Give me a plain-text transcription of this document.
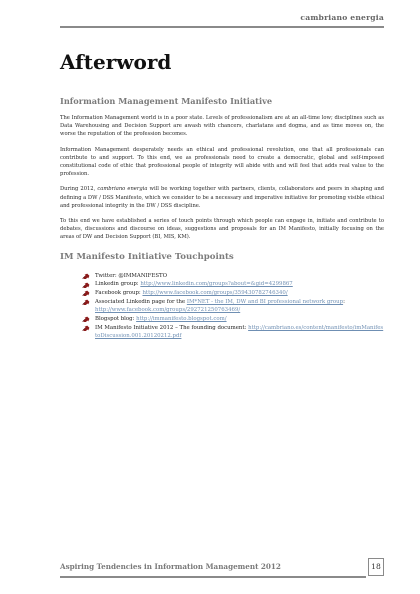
cambriano energia
Afterword
Information Management Manifesto Initiative

The Information Management world is in a poor state. Levels of professionalism are at an all-time low; disciplines such as Data Warehousing and Decision Support are awash with chancers, charlatans and dogma, and as time moves on, the worse the reputation of the profession becomes.

Information Management desperately needs an ethical and professional revolution, one that all professionals can contribute to and support. To this end, we as professionals need to create a democratic, global and self-imposed constitutional code of ethic that professional people of integrity will abide with and will feel that adds real value to the profession.

During 2012, cambriano energia will be working together with partners, clients, collaborators and peers in shaping and defining a DW / DSS Manifesto, which we consider to be a necessary and imperative initiative for promoting visible ethical and professional integrity in the DW / DSS discipline.

To this end we have established a series of touch points through which people can engage in, initiate and contribute to debates, discussions and discourse on ideas, suggestions and proposals for an IM Manifesto, initially focusing on the areas of DW and Decision Support (BI, MIS, KM).

IM Manifesto Initiative Touchpoints
Twitter: @IMMANIFESTO
Linkedin group: http://www.linkedin.com/groups?about=&gid=4299867
Facebook group: http://www.facebook.com/groups/359430782746340/
Associated Linkedin page for the IM*NET - the IM, DW and BI professional network group: http://www.facebook.com/groups/292721250763469/
Blogspot blog: http://immanifesto.blogspot.com/
IM Manifesto Initiative 2012 – The founding document: http://cambriano.es/content/manifesto/imManifestoDiscussion.001.20120212.pdf
Aspiring Tendencies in Information Management 2012	18
